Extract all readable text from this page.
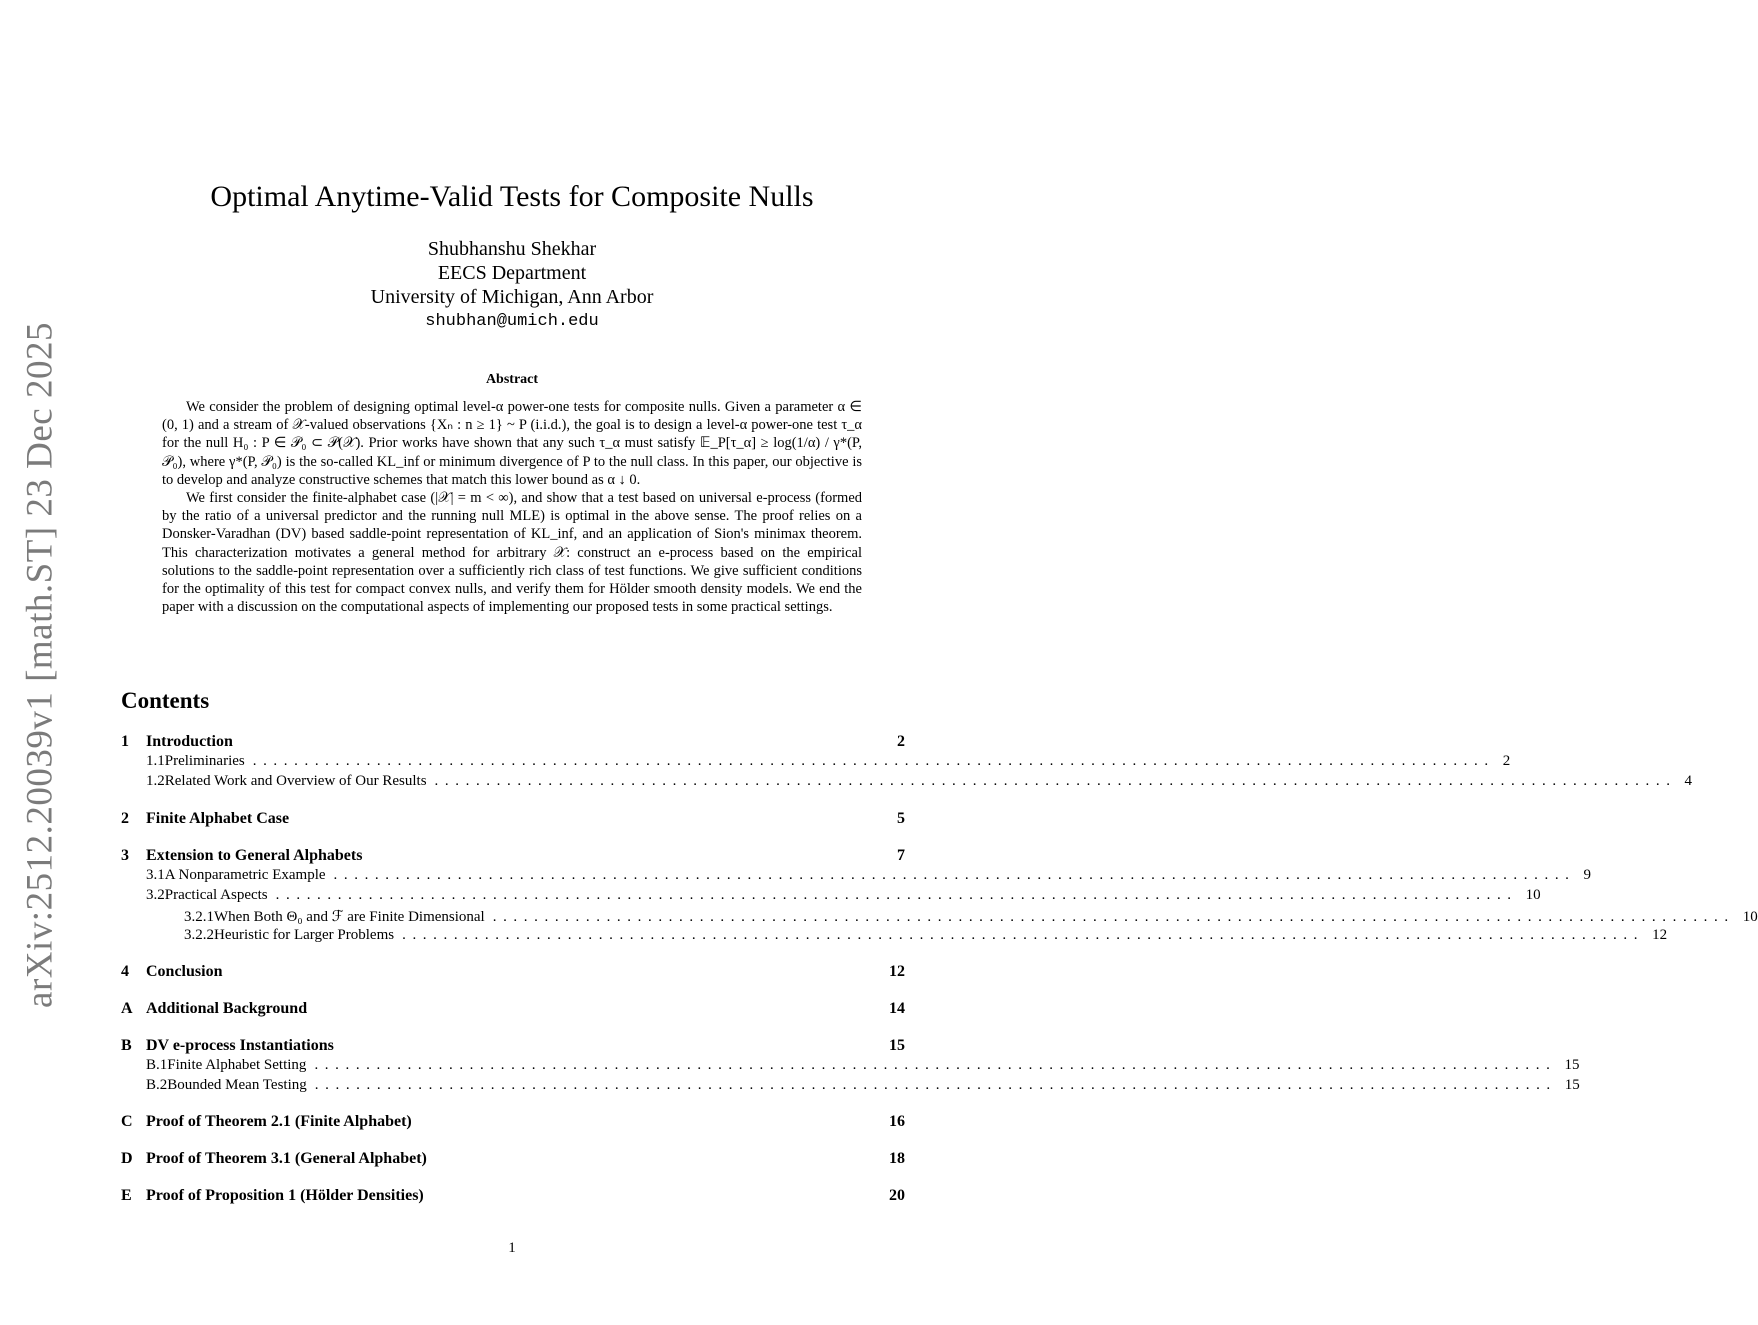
arXiv:2512.20039v1 [math.ST] 23 Dec 2025
Optimal Anytime-Valid Tests for Composite Nulls
Shubhanshu Shekhar
EECS Department
University of Michigan, Ann Arbor
shubhan@umich.edu
Abstract

We consider the problem of designing optimal level-α power-one tests for composite nulls. Given a parameter α ∈ (0, 1) and a stream of 𝒳-valued observations {Xₙ : n ≥ 1} ~ P (i.i.d.), the goal is to design a level-α power-one test τ_α for the null H₀ : P ∈ 𝒫₀ ⊂ 𝒫(𝒳). Prior works have shown that any such τ_α must satisfy 𝔼_P[τ_α] ≥ log(1/α) / γ*(P, 𝒫₀), where γ*(P, 𝒫₀) is the so-called KL_inf or minimum divergence of P to the null class. In this paper, our objective is to develop and analyze constructive schemes that match this lower bound as α ↓ 0.

We first consider the finite-alphabet case (|𝒳| = m < ∞), and show that a test based on universal e-process (formed by the ratio of a universal predictor and the running null MLE) is optimal in the above sense. The proof relies on a Donsker-Varadhan (DV) based saddle-point representation of KL_inf, and an application of Sion's minimax theorem. This characterization motivates a general method for arbitrary 𝒳: construct an e-process based on the empirical solutions to the saddle-point representation over a sufficiently rich class of test functions. We give sufficient conditions for the optimality of this test for compact convex nulls, and verify them for Hölder smooth density models. We end the paper with a discussion on the computational aspects of implementing our proposed tests in some practical settings.

Contents
1	Introduction	2
1.1 Preliminaries ........................................................................................................................ 2
1.2 Related Work and Overview of Our Results ........................................................................................................................ 4
2	Finite Alphabet Case	5
3	Extension to General Alphabets	7
3.1 A Nonparametric Example ........................................................................................................................ 9
3.2 Practical Aspects ........................................................................................................................ 10
3.2.1 When Both Θ₀ and ℱ are Finite Dimensional ........................................................................................................................ 10
3.2.2 Heuristic for Larger Problems ........................................................................................................................ 12
4	Conclusion	12
A Additional Background	14
B DV e-process Instantiations	15
B.1 Finite Alphabet Setting ........................................................................................................................ 15
B.2 Bounded Mean Testing ........................................................................................................................ 15
C Proof of Theorem 2.1 (Finite Alphabet)	16
D Proof of Theorem 3.1 (General Alphabet)	18
E Proof of Proposition 1 (Hölder Densities)	20
1
